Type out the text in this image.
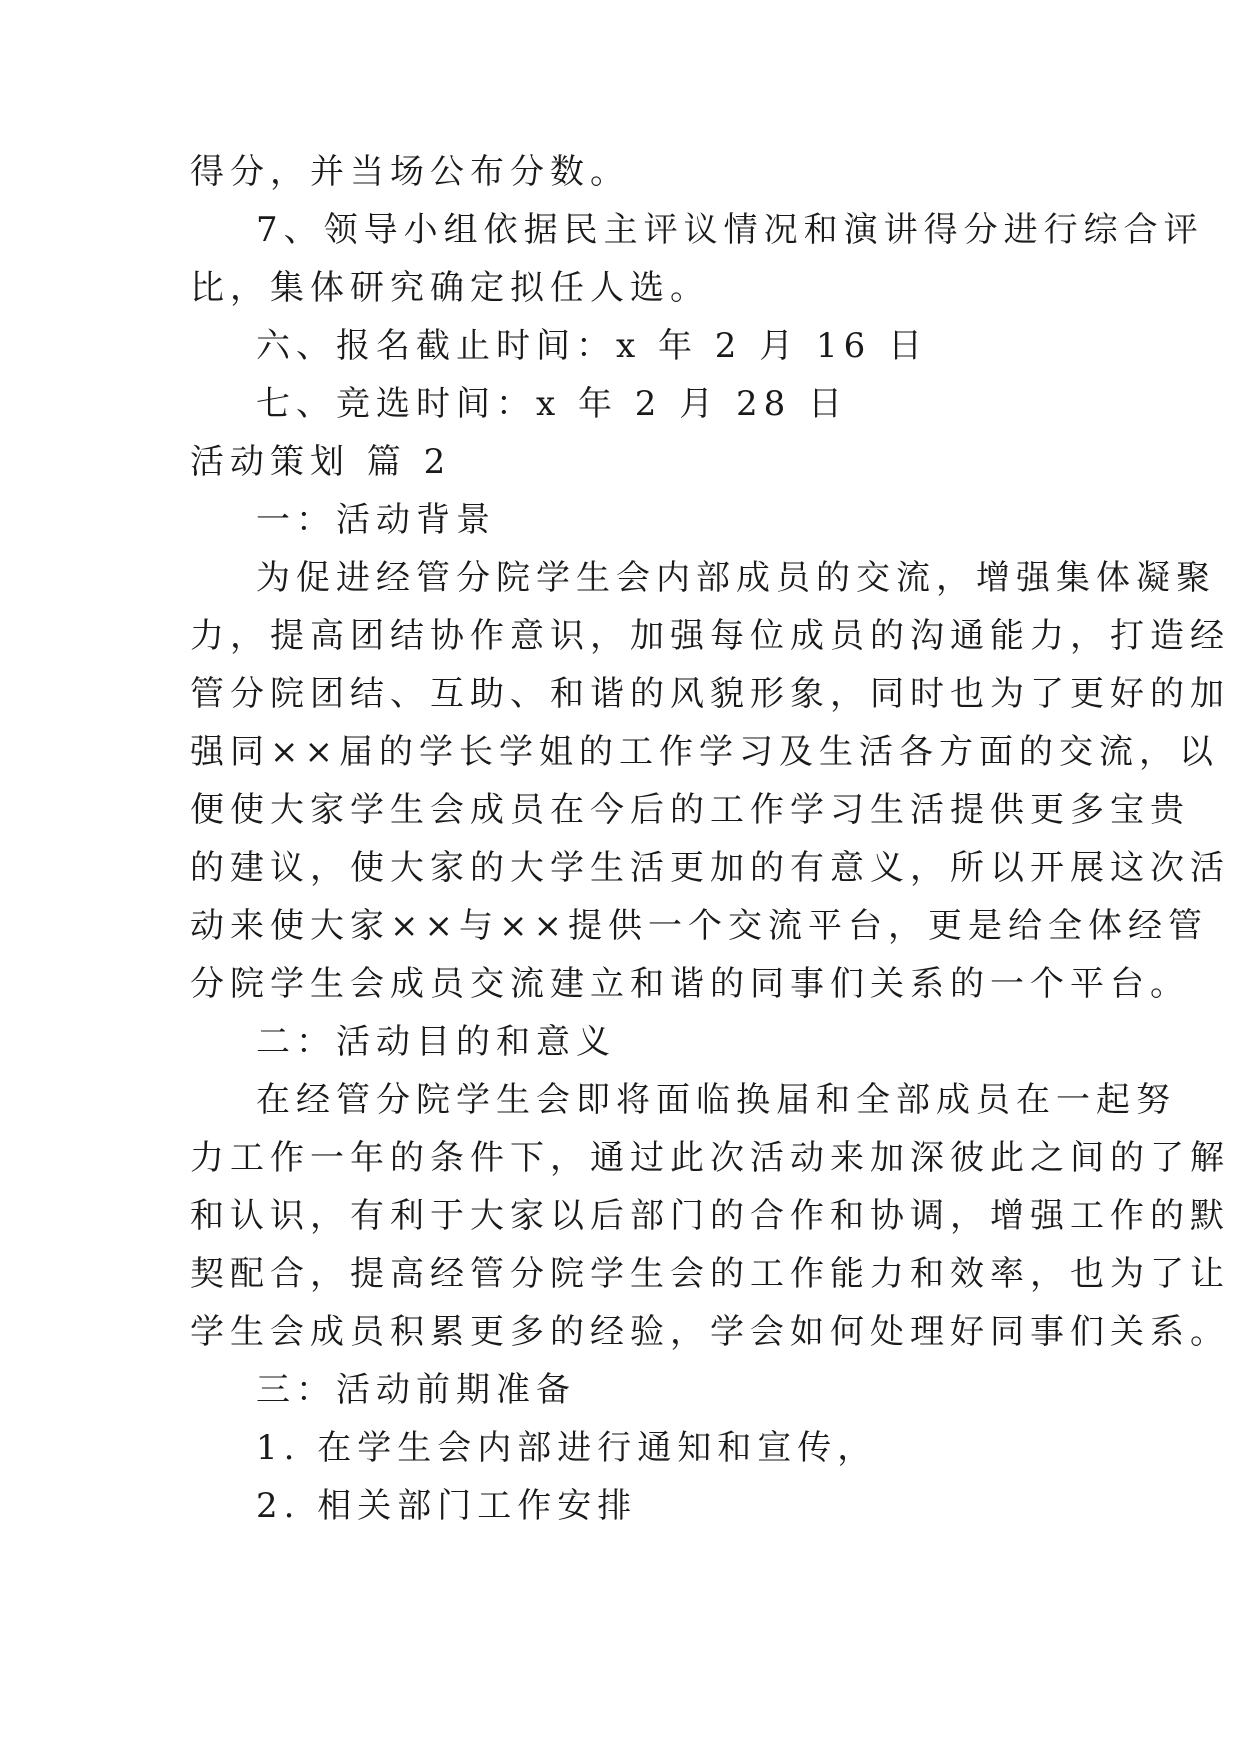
得分，并当场公布分数。
7、领导小组依据民主评议情况和演讲得分进行综合评
比，集体研究确定拟任人选。
六、报名截止时间：x 年 2 月 16 日
七、竞选时间：x 年 2 月 28 日
活动策划 篇 2
一：活动背景
为促进经管分院学生会内部成员的交流，增强集体凝聚
力，提高团结协作意识，加强每位成员的沟通能力，打造经
管分院团结、互助、和谐的风貌形象，同时也为了更好的加
强同××届的学长学姐的工作学习及生活各方面的交流，以
便使大家学生会成员在今后的工作学习生活提供更多宝贵
的建议，使大家的大学生活更加的有意义，所以开展这次活
动来使大家××与××提供一个交流平台，更是给全体经管
分院学生会成员交流建立和谐的同事们关系的一个平台。
二：活动目的和意义
在经管分院学生会即将面临换届和全部成员在一起努
力工作一年的条件下，通过此次活动来加深彼此之间的了解
和认识，有利于大家以后部门的合作和协调，增强工作的默
契配合，提高经管分院学生会的工作能力和效率，也为了让
学生会成员积累更多的经验，学会如何处理好同事们关系。
三：活动前期准备
1. 在学生会内部进行通知和宣传，
2. 相关部门工作安排
